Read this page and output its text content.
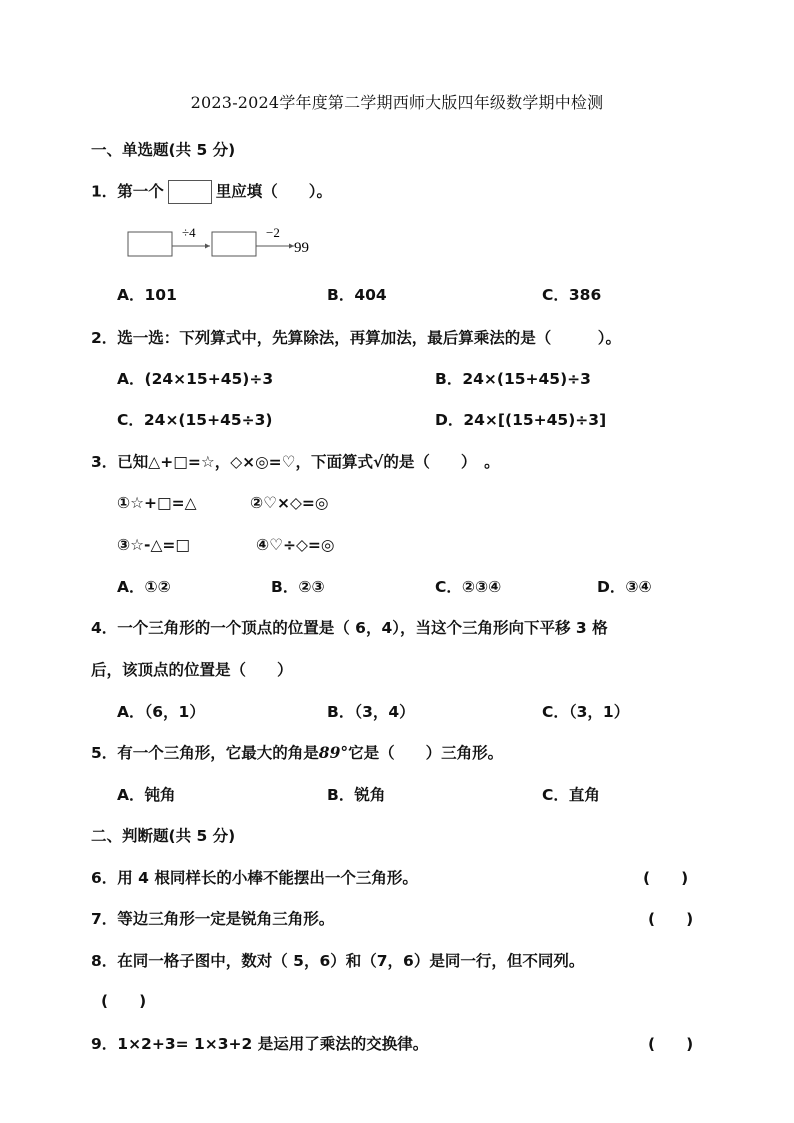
2023-2024学年度第二学期西师大版四年级数学期中检测
一、单选题(共 5 分)
1．第一个	里应填（　　）。
÷4	−2
99
A．101	B．404	C．386
2．选一选：下列算式中，先算除法，再算加法，最后算乘法的是（　　　）。
A．(24×15+45)÷3	B．24×(15+45)÷3
C．24×(15+45÷3)	D．24×[(15+45)÷3]
3．已知△+□=☆，◇×◎=♡，下面算式√的是（　　）　。
①☆+□=△	②♡×◇=◎
③☆-△=□	④♡÷◇=◎
A．①②	B．②③	C．②③④	D．③④
4．一个三角形的一个顶点的位置是（ 6，4），当这个三角形向下平移 3 格
后，该顶点的位置是（　　）
A．（6，1）	B．（3，4）	C．（3，1）
5．有一个三角形，它最大的角是89°它是（　　）三角形。
A．钝角	B．锐角	C．直角
二、判断题(共 5 分)
6．用 4 根同样长的小棒不能摆出一个三角形。	(　　)
7．等边三角形一定是锐角三角形。	(　　)
8．在同一格子图中，数对（ 5，6）和（7，6）是同一行，但不同列。
(　　)
9．1×2+3= 1×3+2 是运用了乘法的交换律。	(　　)
